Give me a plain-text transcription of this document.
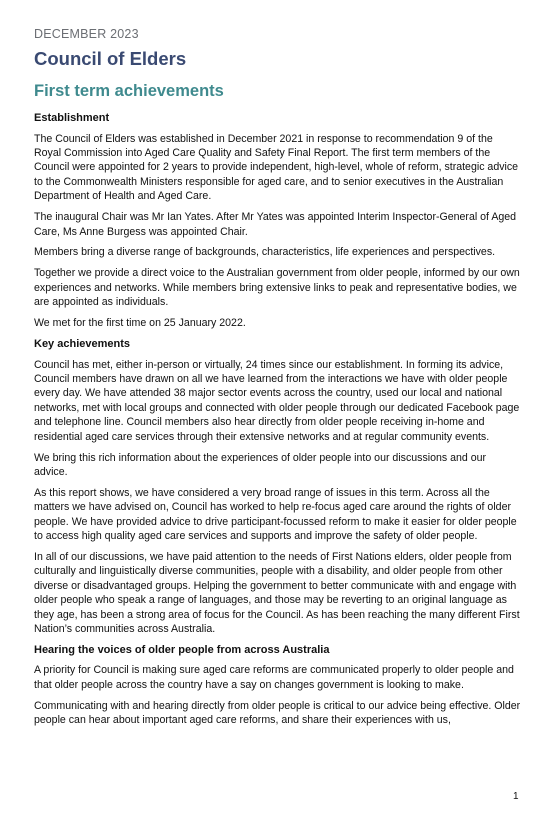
DECEMBER 2023
Council of Elders
First term achievements
Establishment

The Council of Elders was established in December 2021 in response to recommendation 9 of the Royal Commission into Aged Care Quality and Safety Final Report. The first term members of the Council were appointed for 2 years to provide independent, high-level, whole of reform, strategic advice to the Commonwealth Ministers responsible for aged care, and to senior executives in the Australian Department of Health and Aged Care.

The inaugural Chair was Mr Ian Yates. After Mr Yates was appointed Interim Inspector-General of Aged Care, Ms Anne Burgess was appointed Chair.

Members bring a diverse range of backgrounds, characteristics, life experiences and perspectives.

Together we provide a direct voice to the Australian government from older people, informed by our own experiences and networks. While members bring extensive links to peak and representative bodies, we are appointed as individuals.

We met for the first time on 25 January 2022.

Key achievements

Council has met, either in-person or virtually, 24 times since our establishment. In forming its advice, Council members have drawn on all we have learned from the interactions we have with older people every day. We have attended 38 major sector events across the country, used our local and national networks, met with local groups and connected with older people through our dedicated Facebook page and telephone line. Council members also hear directly from older people receiving in-home and residential aged care services through their extensive networks and at regular community events.

We bring this rich information about the experiences of older people into our discussions and our advice.

As this report shows, we have considered a very broad range of issues in this term. Across all the matters we have advised on, Council has worked to help re-focus aged care around the rights of older people. We have provided advice to drive participant-focussed reform to make it easier for older people to access high quality aged care services and supports and improve the safety of older people.

In all of our discussions, we have paid attention to the needs of First Nations elders, older people from culturally and linguistically diverse communities, people with a disability, and older people from other diverse or disadvantaged groups. Helping the government to better communicate with and engage with older people who speak a range of languages, and those may be reverting to an original language as they age, has been a strong area of focus for the Council. As has been reaching the many different First Nation’s communities across Australia.

Hearing the voices of older people from across Australia

A priority for Council is making sure aged care reforms are communicated properly to older people and that older people across the country have a say on changes government is looking to make.

Communicating with and hearing directly from older people is critical to our advice being effective. Older people can hear about important aged care reforms, and share their experiences with us,

1
